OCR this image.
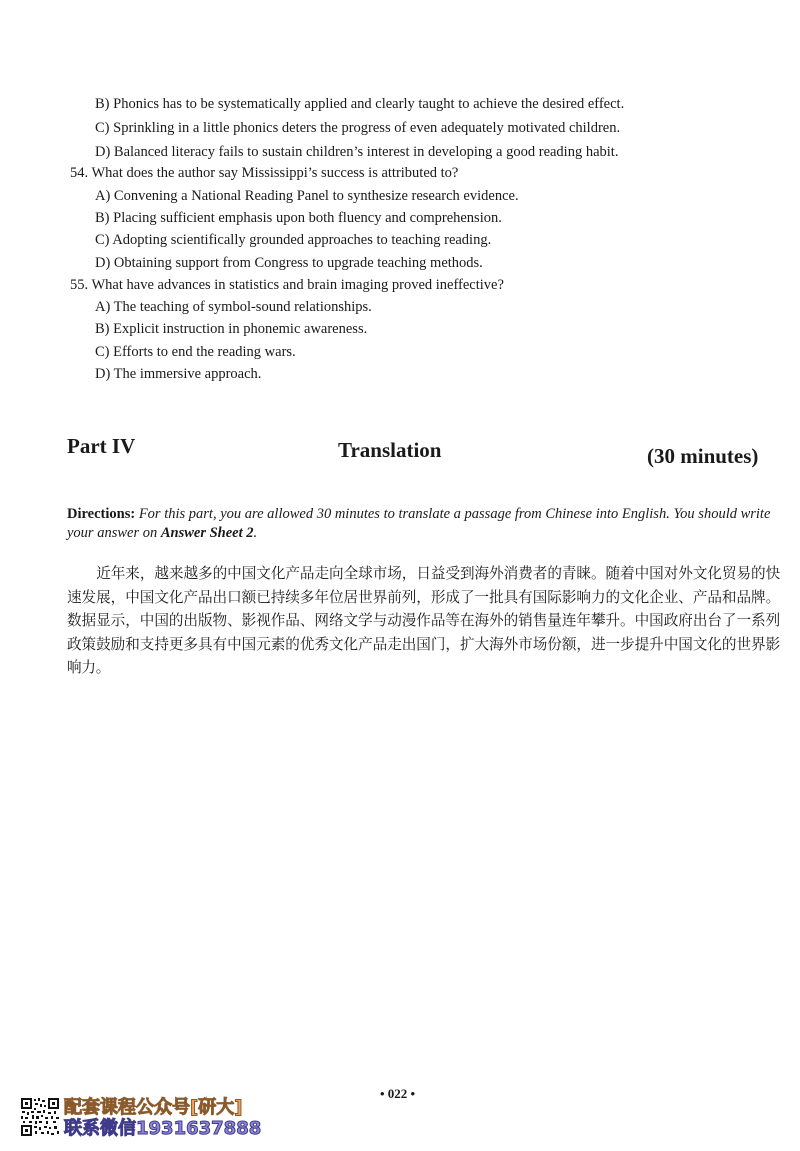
B) Phonics has to be systematically applied and clearly taught to achieve the desired effect.
C) Sprinkling in a little phonics deters the progress of even adequately motivated children.
D) Balanced literacy fails to sustain children’s interest in developing a good reading habit.
54. What does the author say Mississippi’s success is attributed to?
A) Convening a National Reading Panel to synthesize research evidence.
B) Placing sufficient emphasis upon both fluency and comprehension.
C) Adopting scientifically grounded approaches to teaching reading.
D) Obtaining support from Congress to upgrade teaching methods.
55. What have advances in statistics and brain imaging proved ineffective?
A) The teaching of symbol-sound relationships.
B) Explicit instruction in phonemic awareness.
C) Efforts to end the reading wars.
D) The immersive approach.
Part IV	Translation	(30 minutes)
Directions: For this part, you are allowed 30 minutes to translate a passage from Chinese into English. You should write your answer on Answer Sheet 2.
近年来，越来越多的中国文化产品走向全球市场，日益受到海外消费者的青睐。随着中国对外文化贸易的快速发展，中国文化产品出口额已持续多年位居世界前列，形成了一批具有国际影响力的文化企业、产品和品牌。数据显示，中国的出版物、影视作品、网络文学与动漫作品等在海外的销售量连年攀升。中国政府出台了一系列政策鼓励和支持更多具有中国元素的优秀文化产品走出国门，扩大海外市场份额，进一步提升中国文化的世界影响力。
• 022 •
配套课程公众号[研大]
联系微信1931637888
